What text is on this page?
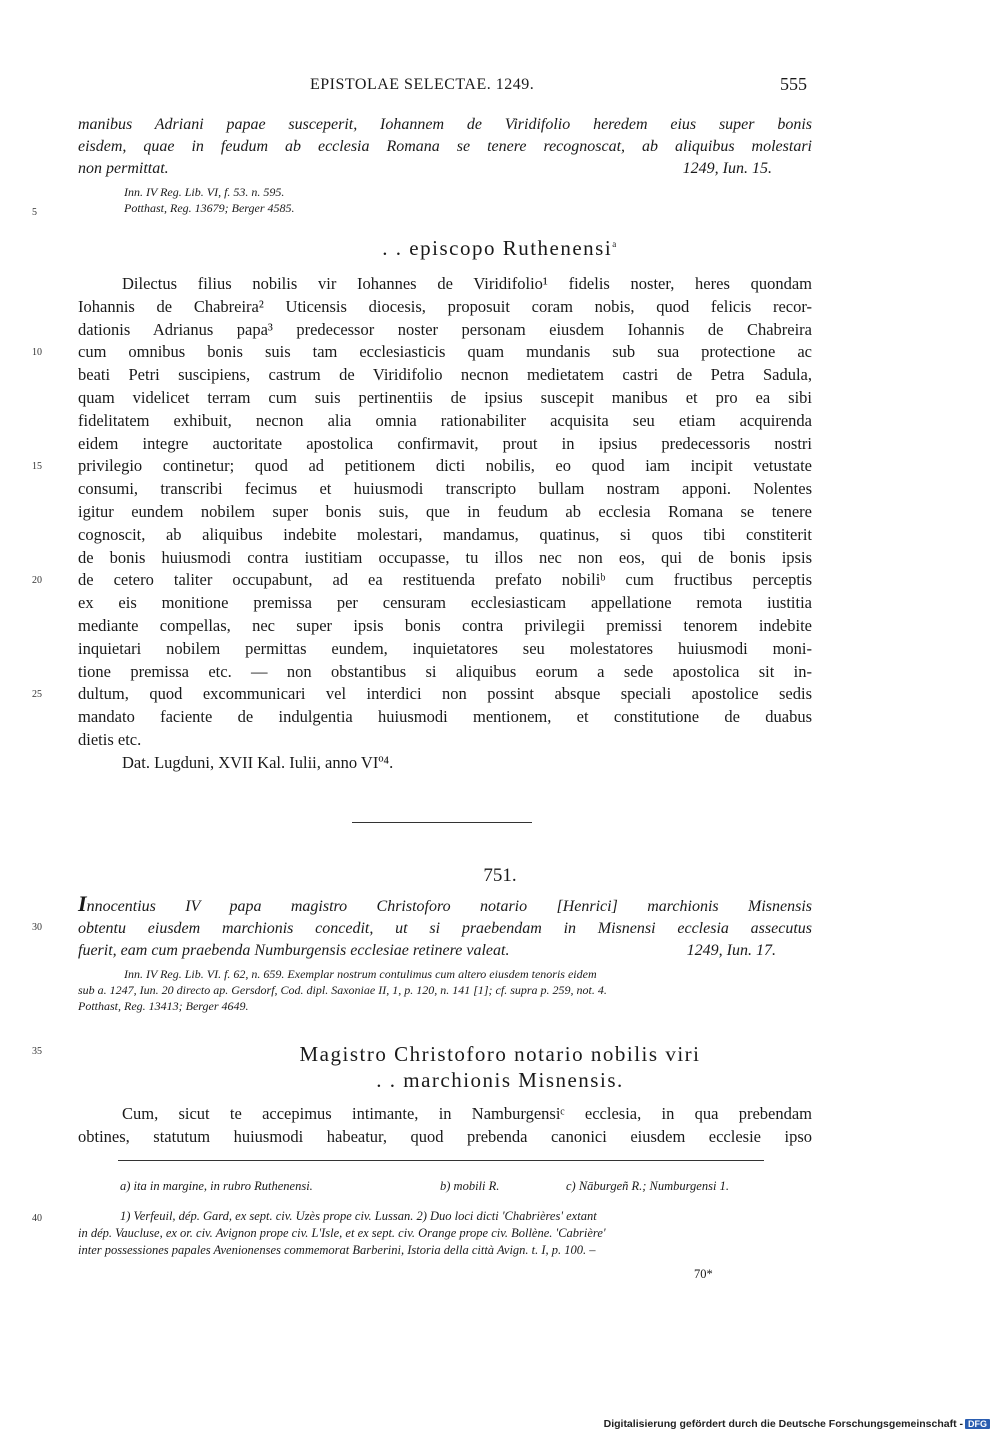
EPISTOLAE SELECTAE. 1249.	555
manibus Adriani papae susceperit, Iohannem de Viridifolio heredem eius super bonis
eisdem, quae in feudum ab ecclesia Romana se tenere recognoscat, ab aliquibus molestari
non permittat.	1249, Iun. 15.
Inn. IV Reg. Lib. VI, f. 53. n. 595.
Potthast, Reg. 13679; Berger 4585.
5
10
15
20
25
30
35
40
. . episcopo Ruthenensi$^a$
Dilectus filius nobilis vir Iohannes de Viridifolio¹ fidelis noster, heres quondam
Iohannis de Chabreira² Uticensis diocesis, proposuit coram nobis, quod felicis recor-
dationis Adrianus papa³ predecessor noster personam eiusdem Iohannis de Chabreira
cum omnibus bonis suis tam ecclesiasticis quam mundanis sub sua protectione ac
beati Petri suscipiens, castrum de Viridifolio necnon medietatem castri de Petra Sadula,
quam videlicet terram cum suis pertinentiis de ipsius suscepit manibus et pro ea sibi
fidelitatem exhibuit, necnon alia omnia rationabiliter acquisita seu etiam acquirenda
eidem integre auctoritate apostolica confirmavit, prout in ipsius predecessoris nostri
privilegio continetur; quod ad petitionem dicti nobilis, eo quod iam incipit vetustate
consumi, transcribi fecimus et huiusmodi transcripto bullam nostram apponi. Nolentes
igitur eundem nobilem super bonis suis, que in feudum ab ecclesia Romana se tenere
cognoscit, ab aliquibus indebite molestari, mandamus, quatinus, si quos tibi constiterit
de bonis huiusmodi contra iustitiam occupasse, tu illos nec non eos, qui de bonis ipsis
de cetero taliter occupabunt, ad ea restituenda prefato nobiliᵇ cum fructibus perceptis
ex eis monitione premissa per censuram ecclesiasticam appellatione remota iustitia
mediante compellas, nec super ipsis bonis contra privilegii premissi tenorem indebite
inquietari nobilem permittas eundem, inquietatores seu molestatores huiusmodi moni-
tione premissa etc. — non obstantibus si aliquibus eorum a sede apostolica sit in-
dultum, quod excommunicari vel interdici non possint absque speciali apostolice sedis
mandato faciente de indulgentia huiusmodi mentionem, et constitutione de duabus
dietis etc.
Dat. Lugduni, XVII Kal. Iulii, anno VIº⁴.
751.
Innocentius IV papa magistro Christoforo notario [Henrici] marchionis Misnensis
obtentu eiusdem marchionis concedit, ut si praebendam in Misnensi ecclesia assecutus
fuerit, eam cum praebenda Numburgensis ecclesiae retinere valeat.	1249, Iun. 17.
Inn. IV Reg. Lib. VI. f. 62, n. 659. Exemplar nostrum contulimus cum altero eiusdem tenoris eidem
sub a. 1247, Iun. 20 directo ap. Gersdorf, Cod. dipl. Saxoniae II, 1, p. 120, n. 141 [1]; cf. supra p. 259, not. 4.
Potthast, Reg. 13413; Berger 4649.
Magistro Christoforo notario nobilis viri
. . marchionis Misnensis.
Cum, sicut te accepimus intimante, in Namburgensiᶜ ecclesia, in qua prebendam
obtines, statutum huiusmodi habeatur, quod prebenda canonici eiusdem ecclesie ipso
a) ita in margine, in rubro Ruthenensi.	b) mobili R.	c) Nāburgeñ R.; Numburgensi 1.
1) Verfeuil, dép. Gard, ex sept. civ. Uzès prope civ. Lussan. 2) Duo loci dicti 'Chabrières' extant
in dép. Vaucluse, ex or. civ. Avignon prope civ. L'Isle, et ex sept. civ. Orange prope civ. Bollène. 'Cabrière'
inter possessiones papales Avenionenses commemorat Barberini, Istoria della città Avign. t. I, p. 100. –
70*
Digitalisierung gefördert durch die Deutsche Forschungsgemeinschaft - DFG
